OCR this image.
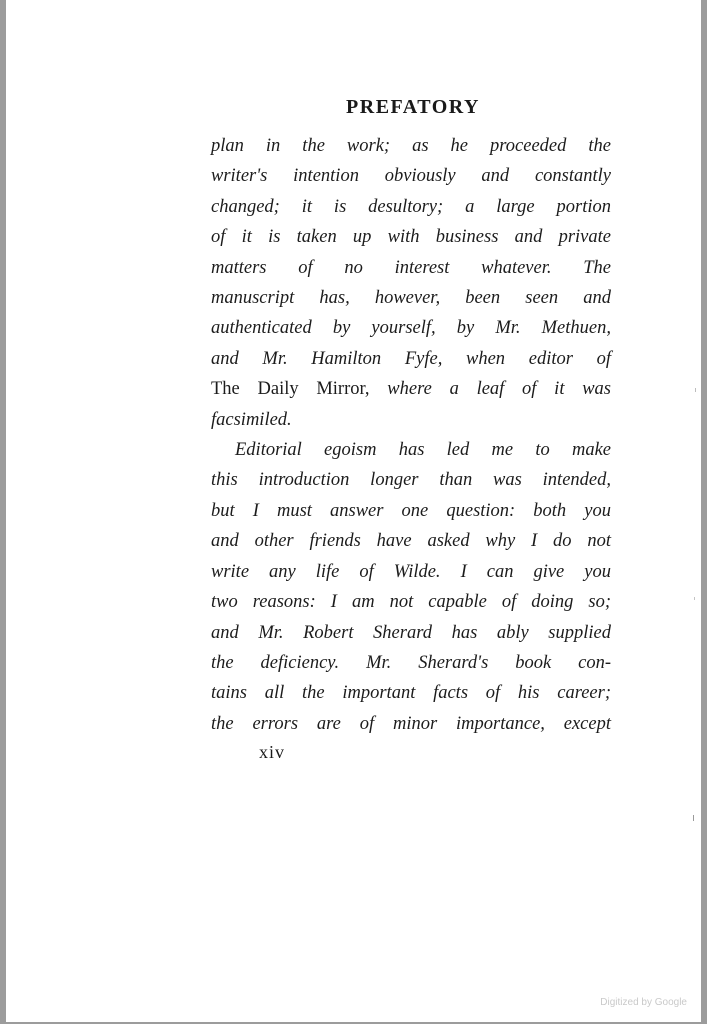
PREFATORY

plan in the work; as he proceeded the

writer's intention obviously and constantly

changed; it is desultory; a large portion

of it is taken up with business and private

matters of no interest whatever. The

manuscript has, however, been seen and

authenticated by yourself, by Mr. Methuen,

and Mr. Hamilton Fyfe, when editor of

The Daily Mirror, where a leaf of it was

facsimiled.

Editorial egoism has led me to make

this introduction longer than was intended,

but I must answer one question: both you

and other friends have asked why I do not

write any life of Wilde. I can give you

two reasons: I am not capable of doing so;

and Mr. Robert Sherard has ably supplied

the deficiency. Mr. Sherard's book con-

tains all the important facts of his career;

the errors are of minor importance, except

xiv

Digitized by Google
